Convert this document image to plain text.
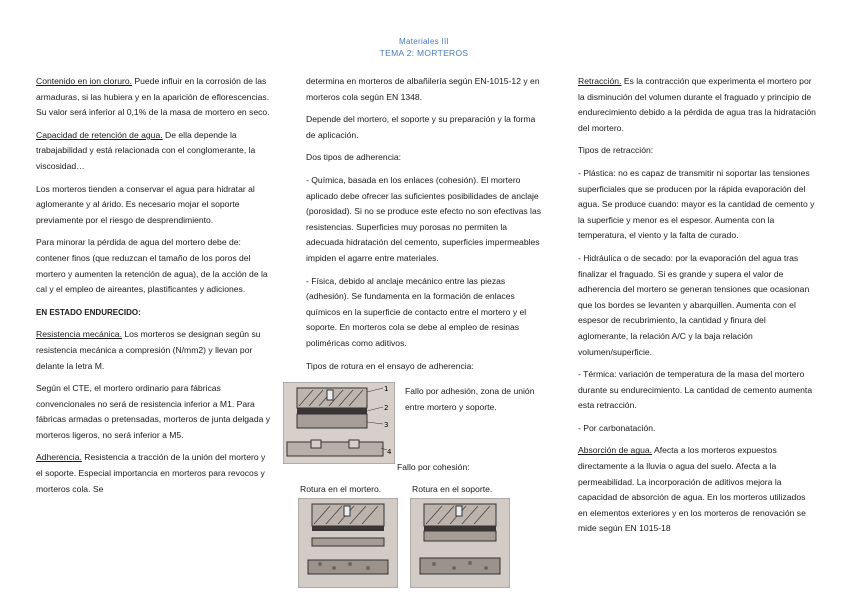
Materiales III
TEMA 2: MORTEROS

Contenido en ion cloruro. Puede influir en la corrosión de las armaduras, si las hubiera y en la aparición de eflorescencias. Su valor será inferior al 0,1% de la masa de mortero en seco.

Capacidad de retención de agua. De ella depende la trabajabilidad y está relacionada con el conglomerante, la viscosidad…

Los morteros tienden a conservar el agua para hidratar al aglomerante y al árido. Es necesario mojar el soporte previamente por el riesgo de desprendimiento.

Para minorar la pérdida de agua del mortero debe de: contener finos (que reduzcan el tamaño de los poros del mortero y aumenten la retención de agua), de la acción de la cal y el empleo de aireantes, plastificantes y adiciones.

EN ESTADO ENDURECIDO:

Resistencia mecánica. Los morteros se designan según su resistencia mecánica a compresión (N/mm2) y llevan por delante la letra M.

Según el CTE, el mortero ordinario para fábricas convencionales no será de resistencia inferior a M1. Para fábricas armadas o pretensadas, morteros de junta delgada y morteros ligeros, no será inferior a M5.

Adherencia. Resistencia a tracción de la unión del mortero y el soporte. Especial importancia en morteros para revocos y morteros cola. Se

determina en morteros de albañilería según EN-1015-12 y en morteros cola según EN 1348.

Depende del mortero, el soporte y su preparación y la forma de aplicación.

Dos tipos de adherencia:

- Química, basada en los enlaces (cohesión). El mortero aplicado debe ofrecer las suficientes posibilidades de anclaje (porosidad). Si no se produce este efecto no son efectivas las resistencias. Superficies muy porosas no permiten la adecuada hidratación del cemento, superficies impermeables impiden el agarre entre materiales.

- Física, debido al anclaje mecánico entre las piezas (adhesión). Se fundamenta en la formación de enlaces químicos en la superficie de contacto entre el mortero y el soporte. En morteros cola se debe al empleo de resinas poliméricas como aditivos.

Tipos de rotura en el ensayo de adherencia:

1
2
3
4
Fallo por adhesión, zona de unión entre mortero y soporte.
Fallo por cohesión:
Rotura en el mortero.	Rotura en el soporte.

Retracción. Es la contracción que experimenta el mortero por la disminución del volumen durante el fraguado y principio de endurecimiento debido a la pérdida de agua tras la hidratación del mortero.

Tipos de retracción:

- Plástica: no es capaz de transmitir ni soportar las tensiones superficiales que se producen por la rápida evaporación del agua. Se produce cuando: mayor es la cantidad de cemento y la superficie y menor es el espesor. Aumenta con la temperatura, el viento y la falta de curado.

- Hidráulica o de secado: por la evaporación del agua tras finalizar el fraguado. Si es grande y supera el valor de adherencia del mortero se generan tensiones que ocasionan que los bordes se levanten y abarquillen. Aumenta con el espesor de recubrimiento, la cantidad y finura del aglomerante, la relación A/C y la baja relación volumen/superficie.

- Térmica: variación de temperatura de la masa del mortero durante su endurecimiento. La cantidad de cemento aumenta esta retracción.

- Por carbonatación.

Absorción de agua. Afecta a los morteros expuestos directamente a la lluvia o agua del suelo. Afecta a la permeabilidad. La incorporación de aditivos mejora la capacidad de absorción de agua. En los morteros utilizados en elementos exteriores y en los morteros de renovación se mide según EN 1015-18
